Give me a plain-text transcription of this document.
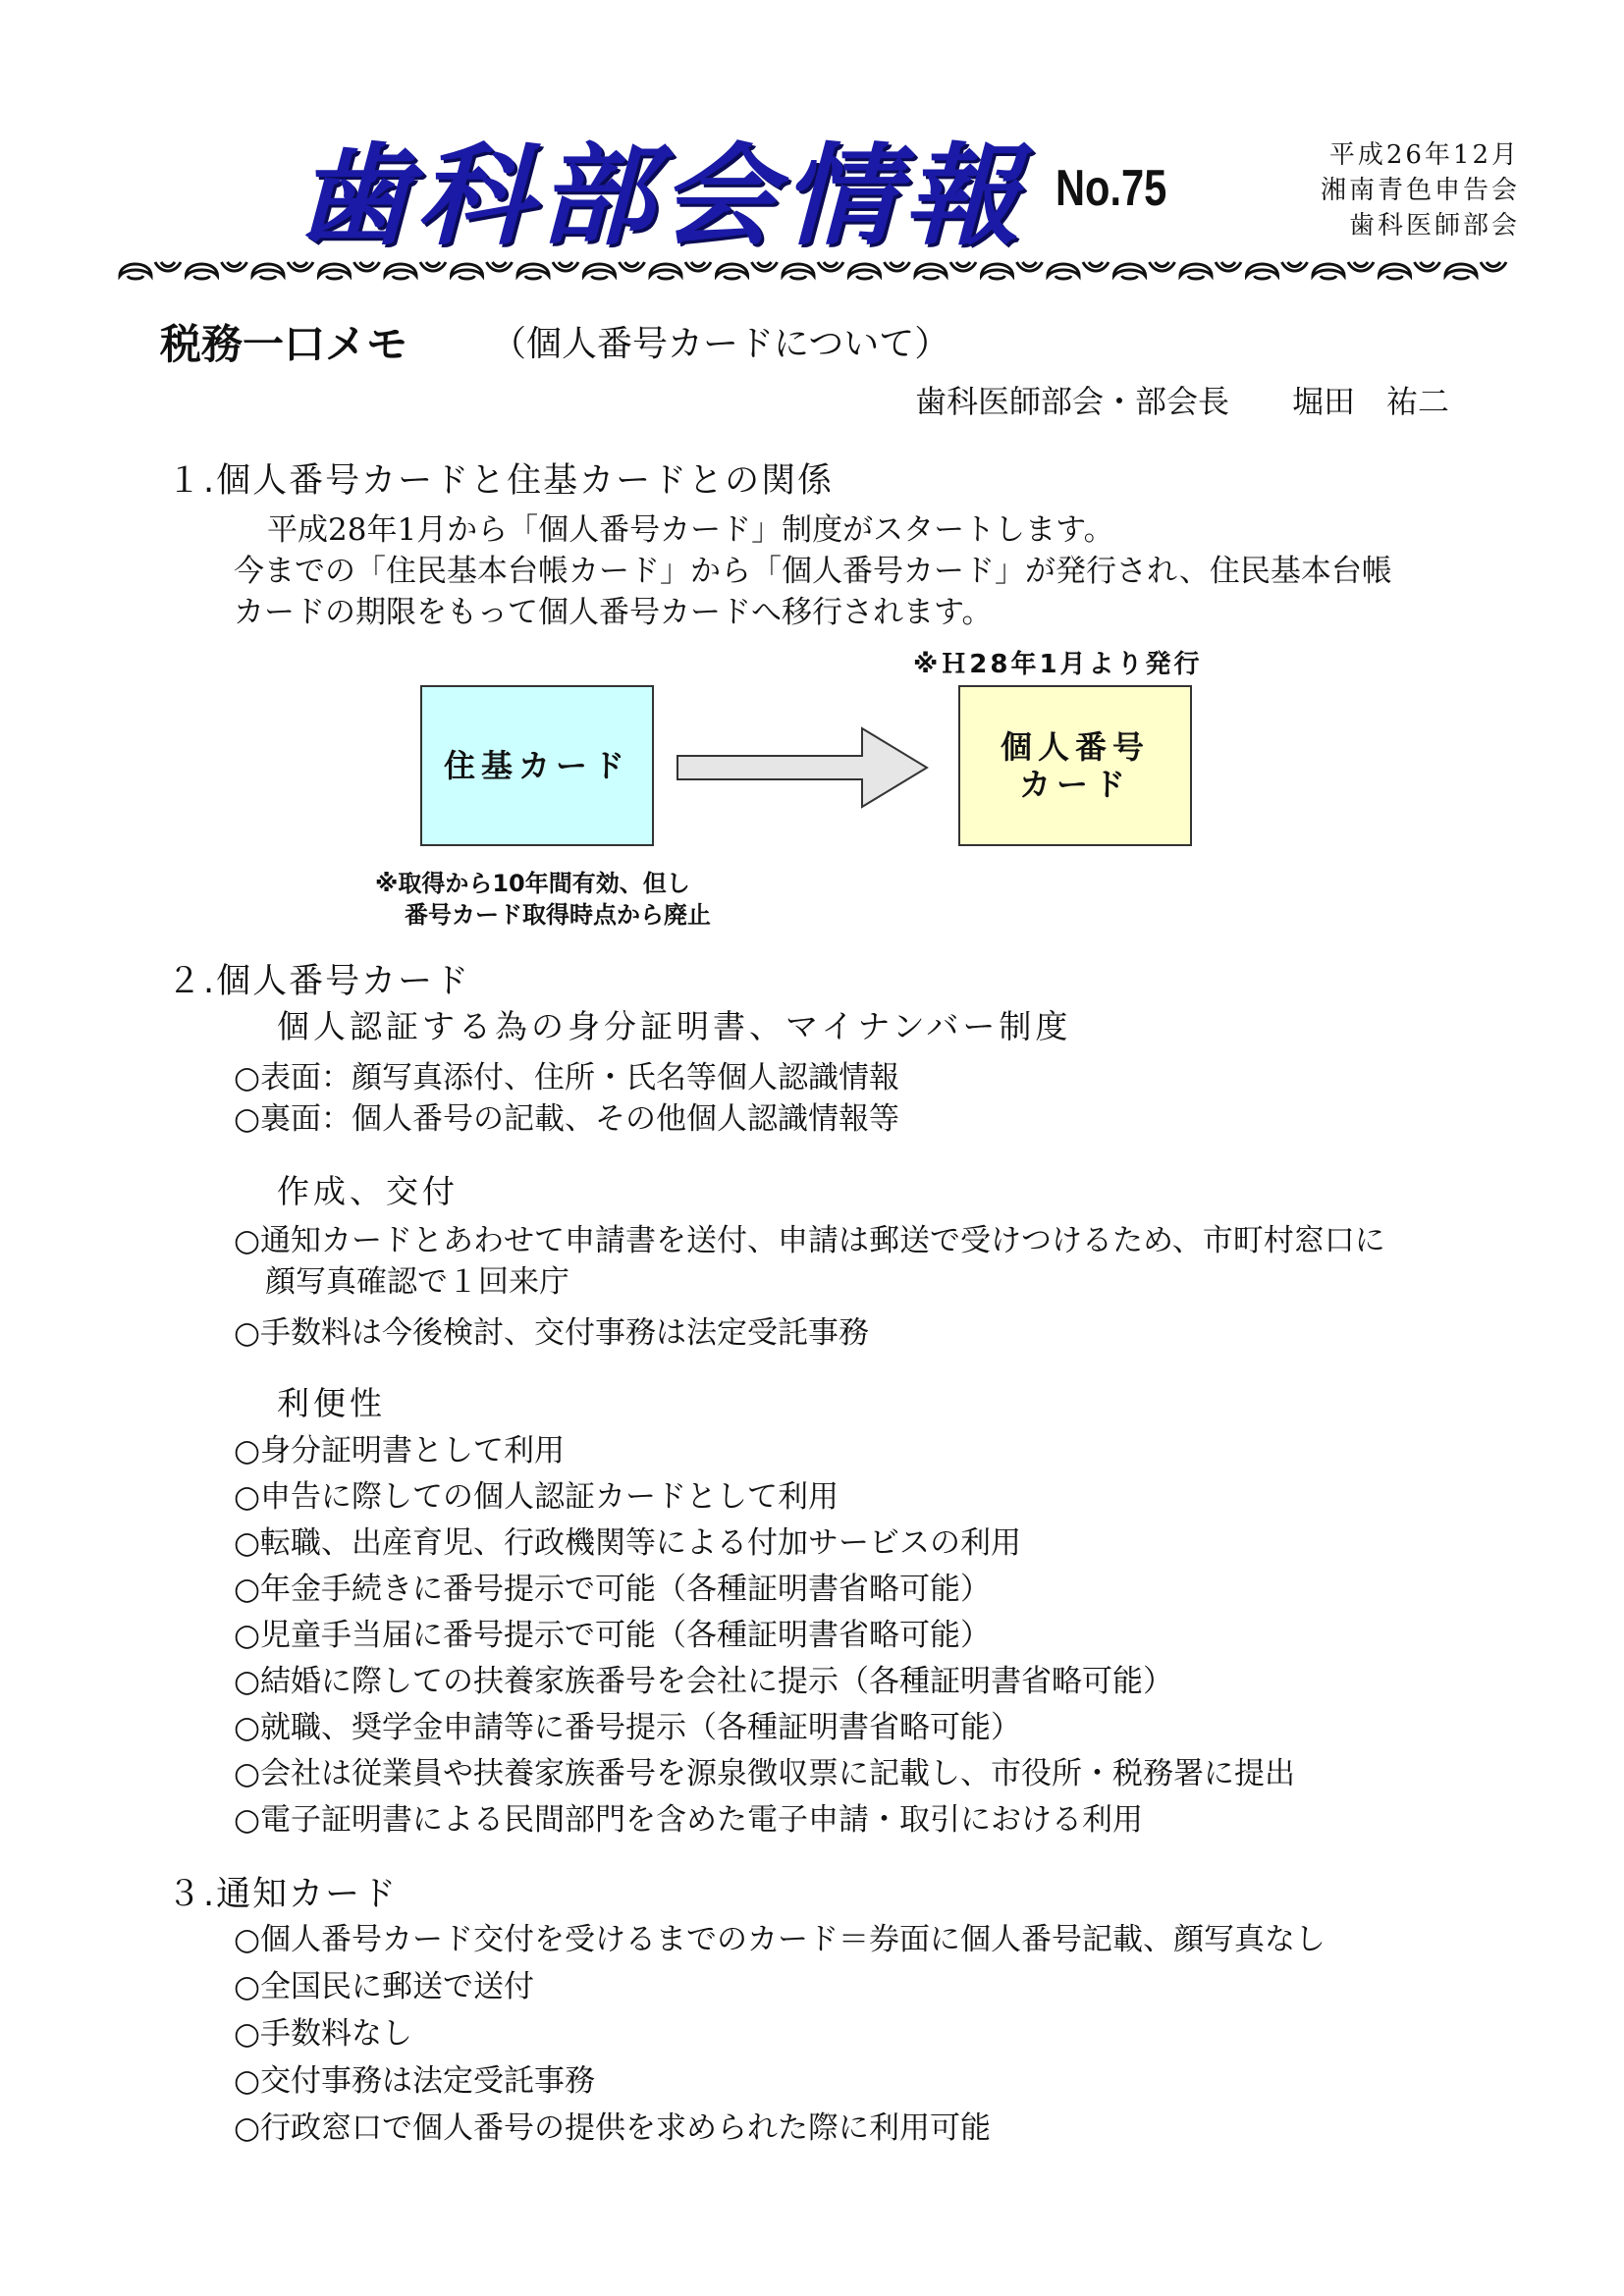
歯科部会情報 No.75
平成26年12月
湘南青色申告会
歯科医師部会
税務一口メモ （個人番号カードについて）
歯科医師部会・部会長　　堀田　祐二
１.個人番号カードと住基カードとの関係
平成28年1月から「個人番号カード」制度がスタートします。
今までの「住民基本台帳カード」から「個人番号カード」が発行され、住民基本台帳
カードの期限をもって個人番号カードへ移行されます。
※Ｈ28年1月より発行
住基カード	個人番号
カード
※取得から10年間有効、但し
番号カード取得時点から廃止
２.個人番号カード
個人認証する為の身分証明書、マイナンバー制度
○表面：顔写真添付、住所・氏名等個人認識情報
○裏面：個人番号の記載、その他個人認識情報等
作成、交付
○通知カードとあわせて申請書を送付、申請は郵送で受けつけるため、市町村窓口に
顔写真確認で１回来庁
○手数料は今後検討、交付事務は法定受託事務
利便性
○身分証明書として利用
○申告に際しての個人認証カードとして利用
○転職、出産育児、行政機関等による付加サービスの利用
○年金手続きに番号提示で可能（各種証明書省略可能）
○児童手当届に番号提示で可能（各種証明書省略可能）
○結婚に際しての扶養家族番号を会社に提示（各種証明書省略可能）
○就職、奨学金申請等に番号提示（各種証明書省略可能）
○会社は従業員や扶養家族番号を源泉徴収票に記載し、市役所・税務署に提出
○電子証明書による民間部門を含めた電子申請・取引における利用
３.通知カード
○個人番号カード交付を受けるまでのカード＝券面に個人番号記載、顔写真なし
○全国民に郵送で送付
○手数料なし
○交付事務は法定受託事務
○行政窓口で個人番号の提供を求められた際に利用可能
